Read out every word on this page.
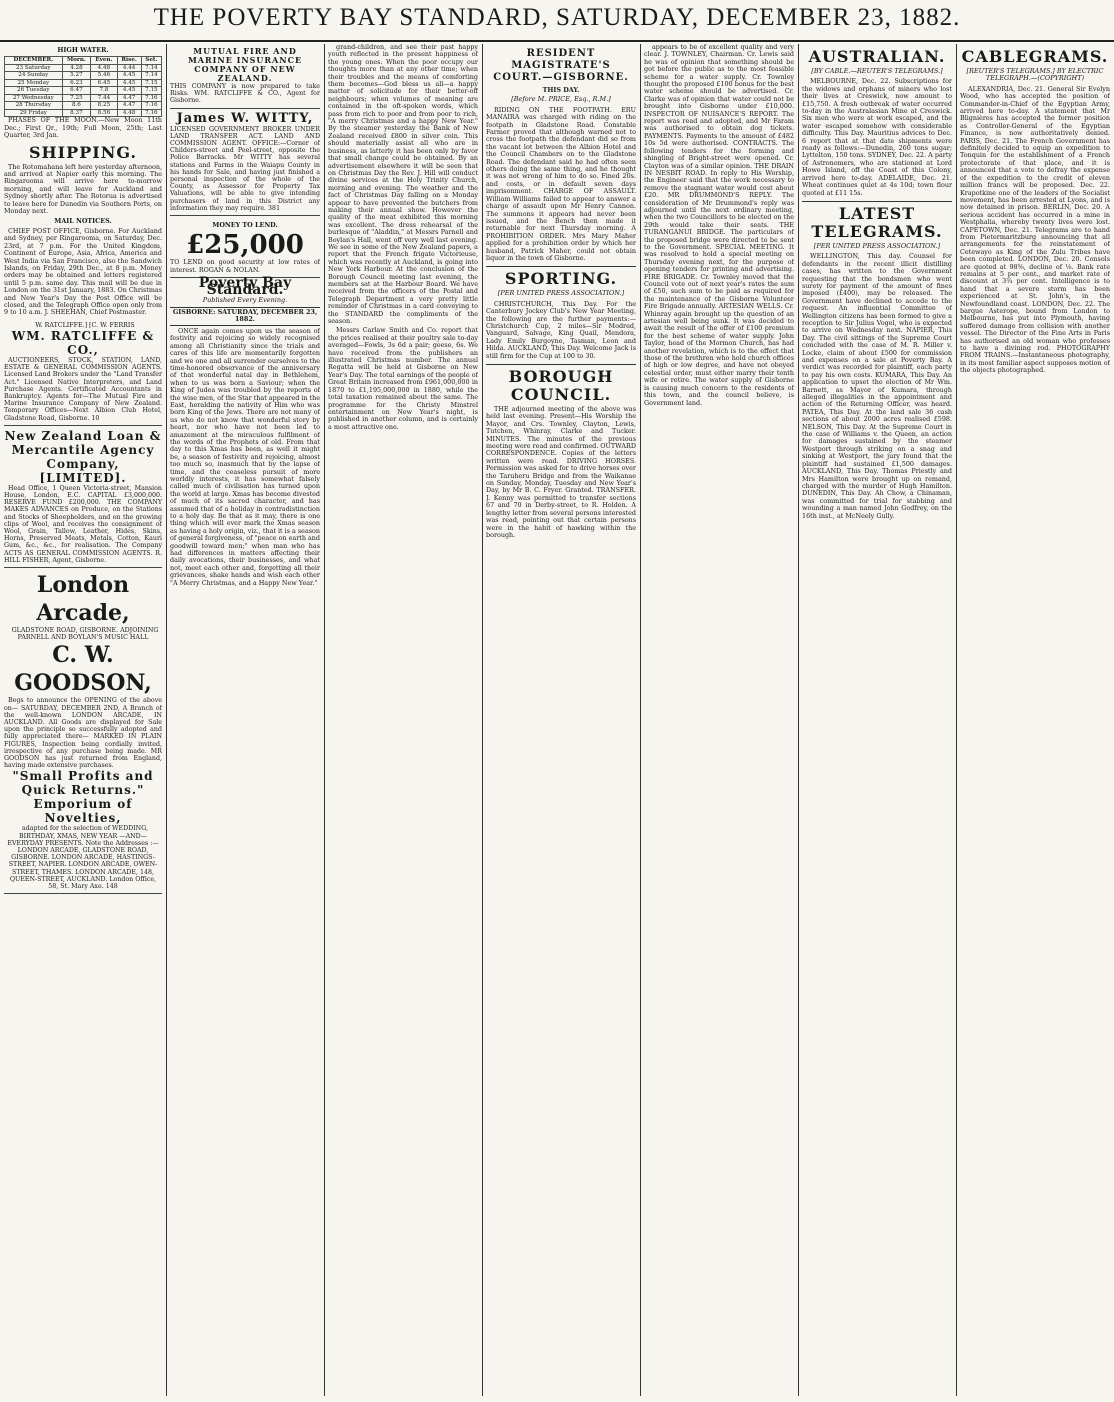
THE POVERTY BAY STANDARD, SATURDAY, DECEMBER 23, 1882.
HIGH WATER.
DECEMBER.	Morn.	Even.	Rise.	Set.
23 Saturday	4.28	4.48	4.44	7.14
24 Sunday	5.27	5.46	4.45	7.14
25 Monday	6.23	6.45	4.45	7.15
26 Tuesday	6.47	7.8	4.45	7.15
27 Wednesday	7.25	7.44	4.47	7.16
28 Thursday	8.6	8.25	4.47	7.16
29 Friday	8.37	8.56	4.48	7.16

PHASES OF THE MOON.—New Moon 11th Dec.; First Qr., 19th; Full Moon, 25th; Last Quarter, 3rd Jan.

SHIPPING.

The Rotomahana left here yesterday afternoon, and arrived at Napier early this morning. The Ringarooma will arrive here to-morrow morning, and will leave for Auckland and Sydney shortly after. The Rotorua is advertised to leave here for Dunedin via Southern Ports, on Monday next.

MAIL NOTICES.

CHIEF POST OFFICE, Gisborne. For Auckland and Sydney, per Ringarooma, on Saturday, Dec. 23rd, at 7 p.m. For the United Kingdom, Continent of Europe, Asia, Africa, America and West India via San Francisco, also the Sandwich Islands, on Friday, 29th Dec., at 8 p.m. Money orders may be obtained and letters registered until 5 p.m. same day. This mail will be due in London on the 31st January, 1883. On Christmas and New Year's Day the Post Office will be closed, and the Telegraph Office open only from 9 to 10 a.m. J. SHEEHAN, Chief Postmaster.

W. RATCLIFFE.] [C. W. FERRIS
WM. RATCLIFFE & CO.,
AUCTIONEERS, STOCK, STATION, LAND, ESTATE & GENERAL COMMISSION AGENTS. Licensed Land Brokers under the "Land Transfer Act." Licensed Native Interpreters, and Land Purchase Agents. Certificated Accountants in Bankruptcy. Agents for—The Mutual Fire and Marine Insurance Company of New Zealand. Temporary Offices—Next Albion Club Hotel, Gladstone Road, Gisborne. 10
New Zealand Loan & Mercantile Agency Company, [LIMITED].
Head Office, 1 Queen Victoria-street, Mansion House, London, E.C. CAPITAL £3,000,000. RESERVE FUND £200,000. THE COMPANY MAKES ADVANCES on Produce, on the Stations and Stocks of Sheepholders, and on the growing clips of Wool, and receives the consignment of Wool, Grain, Tallow, Leather, Hides, Skins, Horns, Preserved Meats, Metals, Cotton, Kauri Gum, &c., &c., for realisation. The Company ACTS AS GENERAL COMMISSION AGENTS. R. HILL FISHER, Agent, Gisborne.
London Arcade,
GLADSTONE ROAD, GISBORNE. ADJOINING PARNELL AND BOYLAN'S MUSIC HALL
C. W. GOODSON,
Begs to announce the OPENING of the above on— SATURDAY, DECEMBER 2ND, A Branch of the well-known LONDON ARCADE, IN AUCKLAND. All Goods are displayed for Sale upon the principle so successfully adopted and fully appreciated there— MARKED IN PLAIN FIGURES, Inspection being cordially invited, irrespective of any purchase being made. MR GOODSON has just returned from England, having made extensive purchases.
"Small Profits and Quick Returns."
Emporium of Novelties,
adapted for the selection of WEDDING, BIRTHDAY, XMAS, NEW YEAR —AND— EVERYDAY PRESENTS. Note the Addresses :— LONDON ARCADE, GLADSTONE ROAD, GISBORNE. LONDON ARCADE, HASTINGS-STREET, NAPIER. LONDON ARCADE, OWEN-STREET, THAMES. LONDON ARCADE, 148, QUEEN-STREET, AUCKLAND. London Office, 58, St. Mary Axe. 148
MUTUAL FIRE AND MARINE INSURANCE COMPANY OF NEW ZEALAND.
THIS COMPANY is now prepared to take Risks. WM. RATCLIFFE & CO., Agent for Gisborne.
James W. WITTY,
LICENSED GOVERNMENT BROKER UNDER LAND TRANSFER ACT. LAND AND COMMISSION AGENT. OFFICE:—Corner of Childers-street and Peel-street, opposite the Police Barracks. Mr WITTY has several stations and Farms in the Waiapu County in his hands for Sale, and having just finished a personal inspection of the whole of the County, as Assessor for Property Tax Valuations, will be able to give intending purchasers of land in this District any information they may require. 381
MONEY TO LEND.
£25,000
TO LEND on good security at low rates of interest. ROGAN & NOLAN.
Poverty Bay Standard.
Published Every Evening.
GISBORNE: SATURDAY, DECEMBER 23, 1882.

ONCE again comes upon us the season of festivity and rejoicing so widely recognised among all Christianity since the trials and cares of this life are momentarily forgotten and we one and all surrender ourselves to the time-honored observance of the anniversary of that wonderful natal day in Bethlehem, when to us was born a Saviour; when the King of Judea was troubled by the reports of the wise men, of the Star that appeared in the East, heralding the nativity of Him who was born King of the Jews. There are not many of us who do not know that wonderful story by heart, nor who have not been led to amazement at the miraculous fulfilment of the words of the Prophets of old. From that day to this Xmas has been, as well it might be, a season of festivity and rejoicing, almost too much so, inasmuch that by the lapse of time, and the ceaseless pursuit of more worldly interests, it has somewhat falsely called much of civilisation has turned upon the world at large. Xmas has become divested of much of its sacred character, and has assumed that of a holiday in contradistinction to a holy day. Be that as it may, there is one thing which will ever mark the Xmas season as having a holy origin, viz., that it is a season of general forgiveness, of "peace on earth and goodwill toward men;" when man who has had differences in matters affecting their daily avocations, their businesses, and what not, meet each other and, forgetting all their grievances, shake hands and wish each other "A Merry Christmas, and a Happy New Year."

grand-children, and see their past happy youth reflected in the present happiness of the young ones. When the poor occupy our thoughts more than at any other time; when their troubles and the means of comforting them becomes—God bless us all—a happy matter of solicitude for their better-off neighbours; when volumes of meaning are contained in the oft-spoken words, which pass from rich to poor and from poor to rich, "A merry Christmas and a happy New Year." By the steamer yesterday the Bank of New Zealand received £800 in silver coin. This should materially assist all who are in business, as latterly it has been only by favor that small change could be obtained. By an advertisement elsewhere it will be seen that on Christmas Day the Rev. J. Hill will conduct divine services at the Holy Trinity Church, morning and evening. The weather and the fact of Christmas Day falling on a Monday appear to have prevented the butchers from making their annual show. However the quality of the meat exhibited this morning was excellent. The dress rehearsal of the burlesque of "Aladdin," at Messrs Parnell and Boylan's Hall, went off very well last evening. We see in some of the New Zealand papers, a report that the French frigate Victorieuse, which was recently at Auckland, is going into New York Harbour. At the conclusion of the Borough Council meeting last evening, the members sat at the Harbour Board. We have received from the officers of the Postal and Telegraph Department a very pretty little reminder of Christmas in a card conveying to the STANDARD the compliments of the season.

Messrs Carlaw Smith and Co. report that the prices realised at their poultry sale to-day averaged—Fowls, 3s 6d a pair; geese, 6s. We have received from the publishers an illustrated Christmas number. The annual Regatta will be held at Gisborne on New Year's Day. The total earnings of the people of Great Britain increased from £961,000,000 in 1870 to £1,195,000,000 in 1880, while the total taxation remained about the same. The programme for the Christy Minstrel entertainment on New Year's night, is published in another column, and is certainly a most attractive one.

RESIDENT MAGISTRATE'S COURT.—GISBORNE.
THIS DAY.
[Before M. PRICE, Esq., R.M.]

RIDING ON THE FOOTPATH. ERU MANAIRA was charged with riding on the footpath in Gladstone Road. Constable Farmer proved that although warned not to cross the footpath the defendant did so from the vacant lot between the Albion Hotel and the Council Chambers on to the Gladstone Road. The defendant said he had often seen others doing the same thing, and he thought it was not wrong of him to do so. Fined 20s. and costs, or in default seven days imprisonment. CHARGE OF ASSAULT. William Williams failed to appear to answer a charge of assault upon Mr Henry Cannon. The summons it appears had never been issued, and the Bench then made it returnable for next Thursday morning. A PROHIBITION ORDER. Mrs Mary Maher applied for a prohibition order by which her husband, Patrick Maher, could not obtain liquor in the town of Gisborne.

SPORTING.
[PER UNITED PRESS ASSOCIATION.]

CHRISTCHURCH, This Day. For the Canterbury Jockey Club's New Year Meeting, the following are the further payments:—Christchurch Cup, 2 miles—Sir Modred, Vanguard, Salvage, King Quail, Mendora, Lady Emily Burgoyne, Tasman, Leon and Hilda. AUCKLAND, This Day. Welcome Jack is still firm for the Cup at 100 to 30.

BOROUGH COUNCIL.

THE adjourned meeting of the above was held last evening. Present—His Worship the Mayor, and Crs. Townley, Clayton, Lewis, Tutchen, Whinray, Clarke and Tucker. MINUTES. The minutes of the previous meeting were read and confirmed. OUTWARD CORRESPONDENCE. Copies of the letters written were read. DRIVING HORSES. Permission was asked for to drive horses over the Taruheru Bridge and from the Waikanae on Sunday, Monday, Tuesday and New Year's Day, by Mr B. C. Fryer. Granted. TRANSFER. J. Kenny was permitted to transfer sections 67 and 70 in Derby-street, to R. Holden. A lengthy letter from several persons interested was read, pointing out that certain persons were in the habit of hawking within the borough.

appears to be of excellent quality and very clear. J. TOWNLEY, Chairman. Cr. Lewis said he was of opinion that something should be got before the public as to the most feasible scheme for a water supply. Cr. Townley thought the proposed £100 bonus for the best water scheme should be advertised. Cr. Clarke was of opinion that water could not be brought into Gisborne under £10,000. INSPECTOR OF NUISANCE'S REPORT. The report was read and adopted, and Mr Faram was authorised to obtain dog tickets. PAYMENTS. Payments to the amount of £482 10s 5d were authorised. CONTRACTS. The following tenders for the forming and shingling of Bright-street were opened. Cr. Clayton was of a similar opinion. THE DRAIN IN NESBIT ROAD. In reply to His Worship, the Engineer said that the work necessary to remove the stagnant water would cost about £20. MR DRUMMOND'S REPLY. The consideration of Mr Drummond's reply was adjourned until the next ordinary meeting, when the two Councillors to be elected on the 29th would take their seats. THE TURANGANUI BRIDGE. The particulars of the proposed bridge were directed to be sent to the Government. SPECIAL MEETING. It was resolved to hold a special meeting on Thursday evening next, for the purpose of opening tenders for printing and advertising. FIRE BRIGADE. Cr. Townley moved that the Council vote out of next year's rates the sum of £50, such sum to be paid as required for the maintenance of the Gisborne Volunteer Fire Brigade annually. ARTESIAN WELLS. Cr. Whinray again brought up the question of an artesian well being sunk. It was decided to await the result of the offer of £100 premium for the best scheme of water supply. John Taylor, head of the Mormon Church, has had another revelation, which is to the effect that those of the brethren who hold church offices of high or low degree, and have not obeyed celestial order, must either marry their tenth wife or retire. The water supply of Gisborne is causing much concern to the residents of this town, and the council believe, is Government land.

AUSTRALIAN.
[BY CABLE.—REUTER'S TELEGRAMS.]

MELBOURNE, Dec. 22. Subscriptions for the widows and orphans of miners who lost their lives at Creswick, now amount to £15,750. A fresh outbreak of water occurred to-day in the Australasian Mine at Creswick. Six men who were at work escaped, and the water escaped somehow with considerable difficulty. This Day. Mauritius advices to Dec. 6 report that at that date shipments were ready as follows:—Dunedin, 260 tons sugar; Lyttelton, 150 tons. SYDNEY, Dec. 22. A party of Astronomers, who are stationed at Lord Howe Island, off the Coast of this Colony, arrived here to-day. ADELAIDE, Dec. 21. Wheat continues quiet at 4s 10d; town flour quoted at £11 15s.

LATEST TELEGRAMS.
[PER UNITED PRESS ASSOCIATION.]

WELLINGTON, This day. Counsel for defendants in the recent illicit distilling cases, has written to the Government requesting that the bondsmen who went surety for payment of the amount of fines imposed (£400), may be released. The Government have declined to accede to the request. An influential Committee of Wellington citizens has been formed to give a reception to Sir Julius Vogel, who is expected to arrive on Wednesday next. NAPIER, This Day. The civil sittings of the Supreme Court concluded with the case of M. R. Miller v. Locke, claim of about £500 for commission and expenses on a sale at Poverty Bay. A verdict was recorded for plaintiff, each party to pay his own costs. KUMARA, This Day. An application to upset the election of Mr Wm. Barnett, as Mayor of Kumara, through alleged illegalities in the appointment and action of the Returning Officer, was heard. PATEA, This Day. At the land sale 36 cash sections of about 2000 acres realised £598. NELSON, This Day. At the Supreme Court in the case of Williams v. the Queen, an action for damages sustained by the steamer Westport through striking on a snag and sinking at Westport, the jury found that the plaintiff had sustained £1,500 damages. AUCKLAND, This Day. Thomas Priestly and Mrs Hamilton were brought up on remand, charged with the murder of Hugh Hamilton. DUNEDIN, This Day. Ah Chow, a Chinaman, was committed for trial for stabbing and wounding a man named John Godfrey, on the 16th inst., at McNeely Gully.

CABLEGRAMS.
[REUTER'S TELEGRAMS.] BY ELECTRIC TELEGRAPH.—(COPYRIGHT)

ALEXANDRIA, Dec. 21. General Sir Evelyn Wood, who has accepted the position of Commander-in-Chief of the Egyptian Army, arrived here to-day. A statement that Mr Blignières has accepted the former position as Controller-General of the Egyptian Finance, is now authoritatively denied. PARIS, Dec. 21. The French Government has definitely decided to equip an expedition to Tonquin for the establishment of a French protectorate of that place, and it is announced that a vote to defray the expense of the expedition to the credit of eleven million francs will be proposed. Dec. 22. Krapotkine one of the leaders of the Socialist movement, has been arrested at Lyons, and is now detained in prison. BERLIN, Dec. 20. A serious accident has occurred in a mine in Westphalia, whereby twenty lives were lost. CAPETOWN, Dec. 21. Telegrams are to hand from Pietermaritzburg announcing that all arrangements for the reinstatement of Cetewayo as King of the Zulu Tribes have been completed. LONDON, Dec. 20. Consols are quoted at 98⅝, decline of ⅛. Bank rate remains at 5 per cent., and market rate of discount at 3¾ per cent. Intelligence is to hand that a severe storm has been experienced at St. John's, in the Newfoundland coast. LONDON, Dec. 22. The barque Asterope, bound from London to Melbourne, has put into Plymouth, having suffered damage from collision with another vessel. The Director of the Fine Arts in Paris has authorised an old woman who professes to have a divining rod. PHOTOGRAPHY FROM TRAINS.—Instantaneous photography, in its most familiar aspect supposes motion of the objects photographed.
